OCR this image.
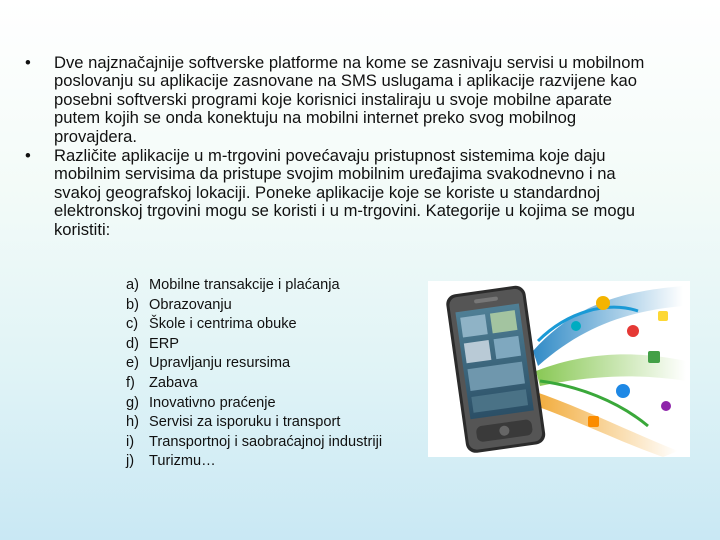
• Dve najznačajnije softverske platforme na kome se zasnivaju servisi u mobilnom poslovanju su aplikacije zasnovane na SMS uslugama i aplikacije razvijene kao posebni softverski programi koje korisnici instaliraju u svoje mobilne aparate putem kojih se onda konektuju na mobilni internet preko svog mobilnog provajdera.
• Različite aplikacije u m-trgovini povećavaju pristupnost sistemima koje daju mobilnim servisima da pristupe svojim mobilnim uređajima svakodnevno i na svakoj geografskoj lokaciji. Poneke aplikacije koje se koriste u standardnoj elektronskoj trgovini mogu se koristi i u m-trgovini. Kategorije u kojima se mogu koristiti:
a) Mobilne transakcije i plaćanja
b) Obrazovanju
c) Škole i centrima obuke
d) ERP
e) Upravljanju resursima
f) Zabava
g) Inovativno praćenje
h) Servisi za isporuku i transport
i)	Transportnoj i saobraćajnoj industriji
j)	Turizmu…
